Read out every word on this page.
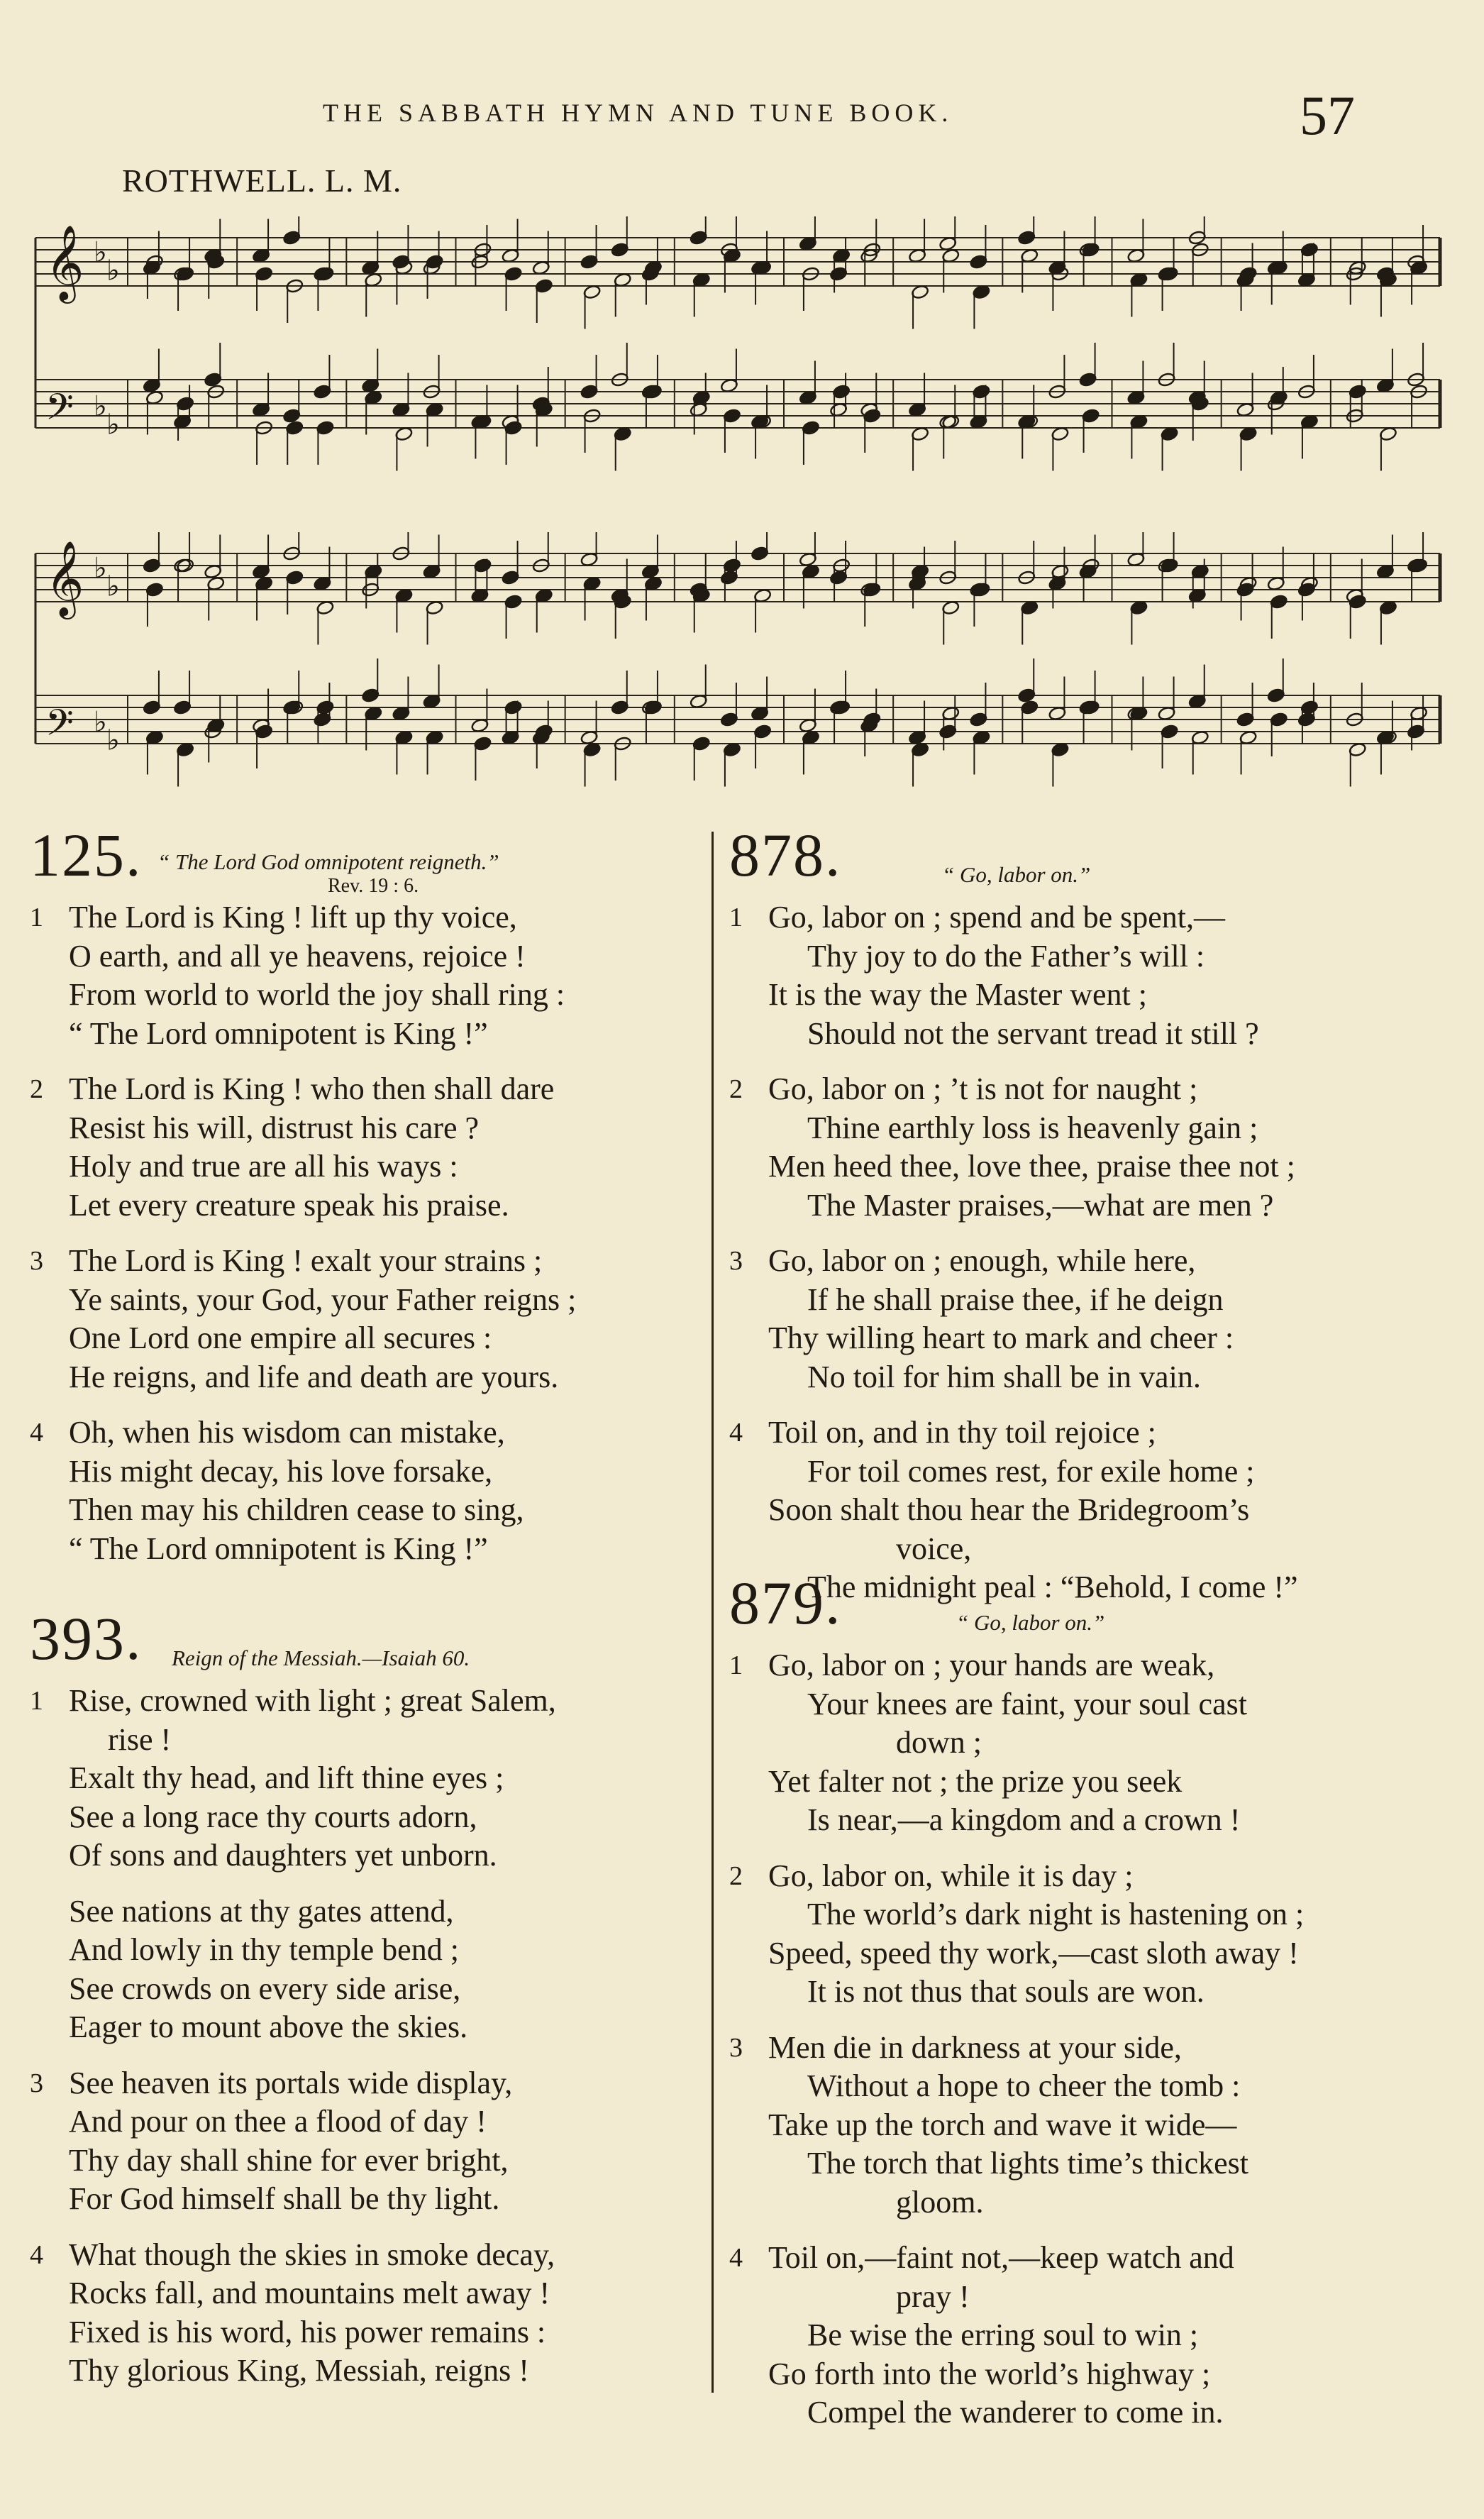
THE SABBATH HYMN AND TUNE BOOK.	57
ROTHWELL. L. M.
𝄞 ♭
♭
𝄢 ♭
♭
𝄞 ♭
♭
𝄢 ♭
♭
125. “ The Lord God omnipotent reigneth.”
Rev. 19 : 6.
1 The Lord is King ! lift up thy voice,
O earth, and all ye heavens, rejoice !
From world to world the joy shall ring :
“ The Lord omnipotent is King !”
2 The Lord is King ! who then shall dare
Resist his will, distrust his care ?
Holy and true are all his ways :
Let every creature speak his praise.
3 The Lord is King ! exalt your strains ;
Ye saints, your God, your Father reigns ;
One Lord one empire all secures :
He reigns, and life and death are yours.
4 Oh, when his wisdom can mistake,
His might decay, his love forsake,
Then may his children cease to sing,
“ The Lord omnipotent is King !”
393. Reign of the Messiah.—Isaiah 60.
1 Rise, crowned with light ; great Salem,
rise !
Exalt thy head, and lift thine eyes ;
See a long race thy courts adorn,
Of sons and daughters yet unborn.
See nations at thy gates attend,
And lowly in thy temple bend ;
See crowds on every side arise,
Eager to mount above the skies.
3 See heaven its portals wide display,
And pour on thee a flood of day !
Thy day shall shine for ever bright,
For God himself shall be thy light.
4 What though the skies in smoke decay,
Rocks fall, and mountains melt away !
Fixed is his word, his power remains :
Thy glorious King, Messiah, reigns !
878.	“ Go, labor on.”
1 Go, labor on ; spend and be spent,—
Thy joy to do the Father’s will :
It is the way the Master went ;
Should not the servant tread it still ?
2 Go, labor on ; ’t is not for naught ;
Thine earthly loss is heavenly gain ;
Men heed thee, love thee, praise thee not ;
The Master praises,—what are men ?
3 Go, labor on ; enough, while here,
If he shall praise thee, if he deign
Thy willing heart to mark and cheer :
No toil for him shall be in vain.
4 Toil on, and in thy toil rejoice ;
For toil comes rest, for exile home ;
Soon shalt thou hear the Bridegroom’s
voice,
The midnight peal : “Behold, I come !”
879.	“ Go, labor on.”
1 Go, labor on ; your hands are weak,
Your knees are faint, your soul cast
down ;
Yet falter not ; the prize you seek
Is near,—a kingdom and a crown !
2 Go, labor on, while it is day ;
The world’s dark night is hastening on ;
Speed, speed thy work,—cast sloth away !
It is not thus that souls are won.
3 Men die in darkness at your side,
Without a hope to cheer the tomb :
Take up the torch and wave it wide—
The torch that lights time’s thickest
gloom.
4 Toil on,—faint not,—keep watch and
pray !
Be wise the erring soul to win ;
Go forth into the world’s highway ;
Compel the wanderer to come in.
